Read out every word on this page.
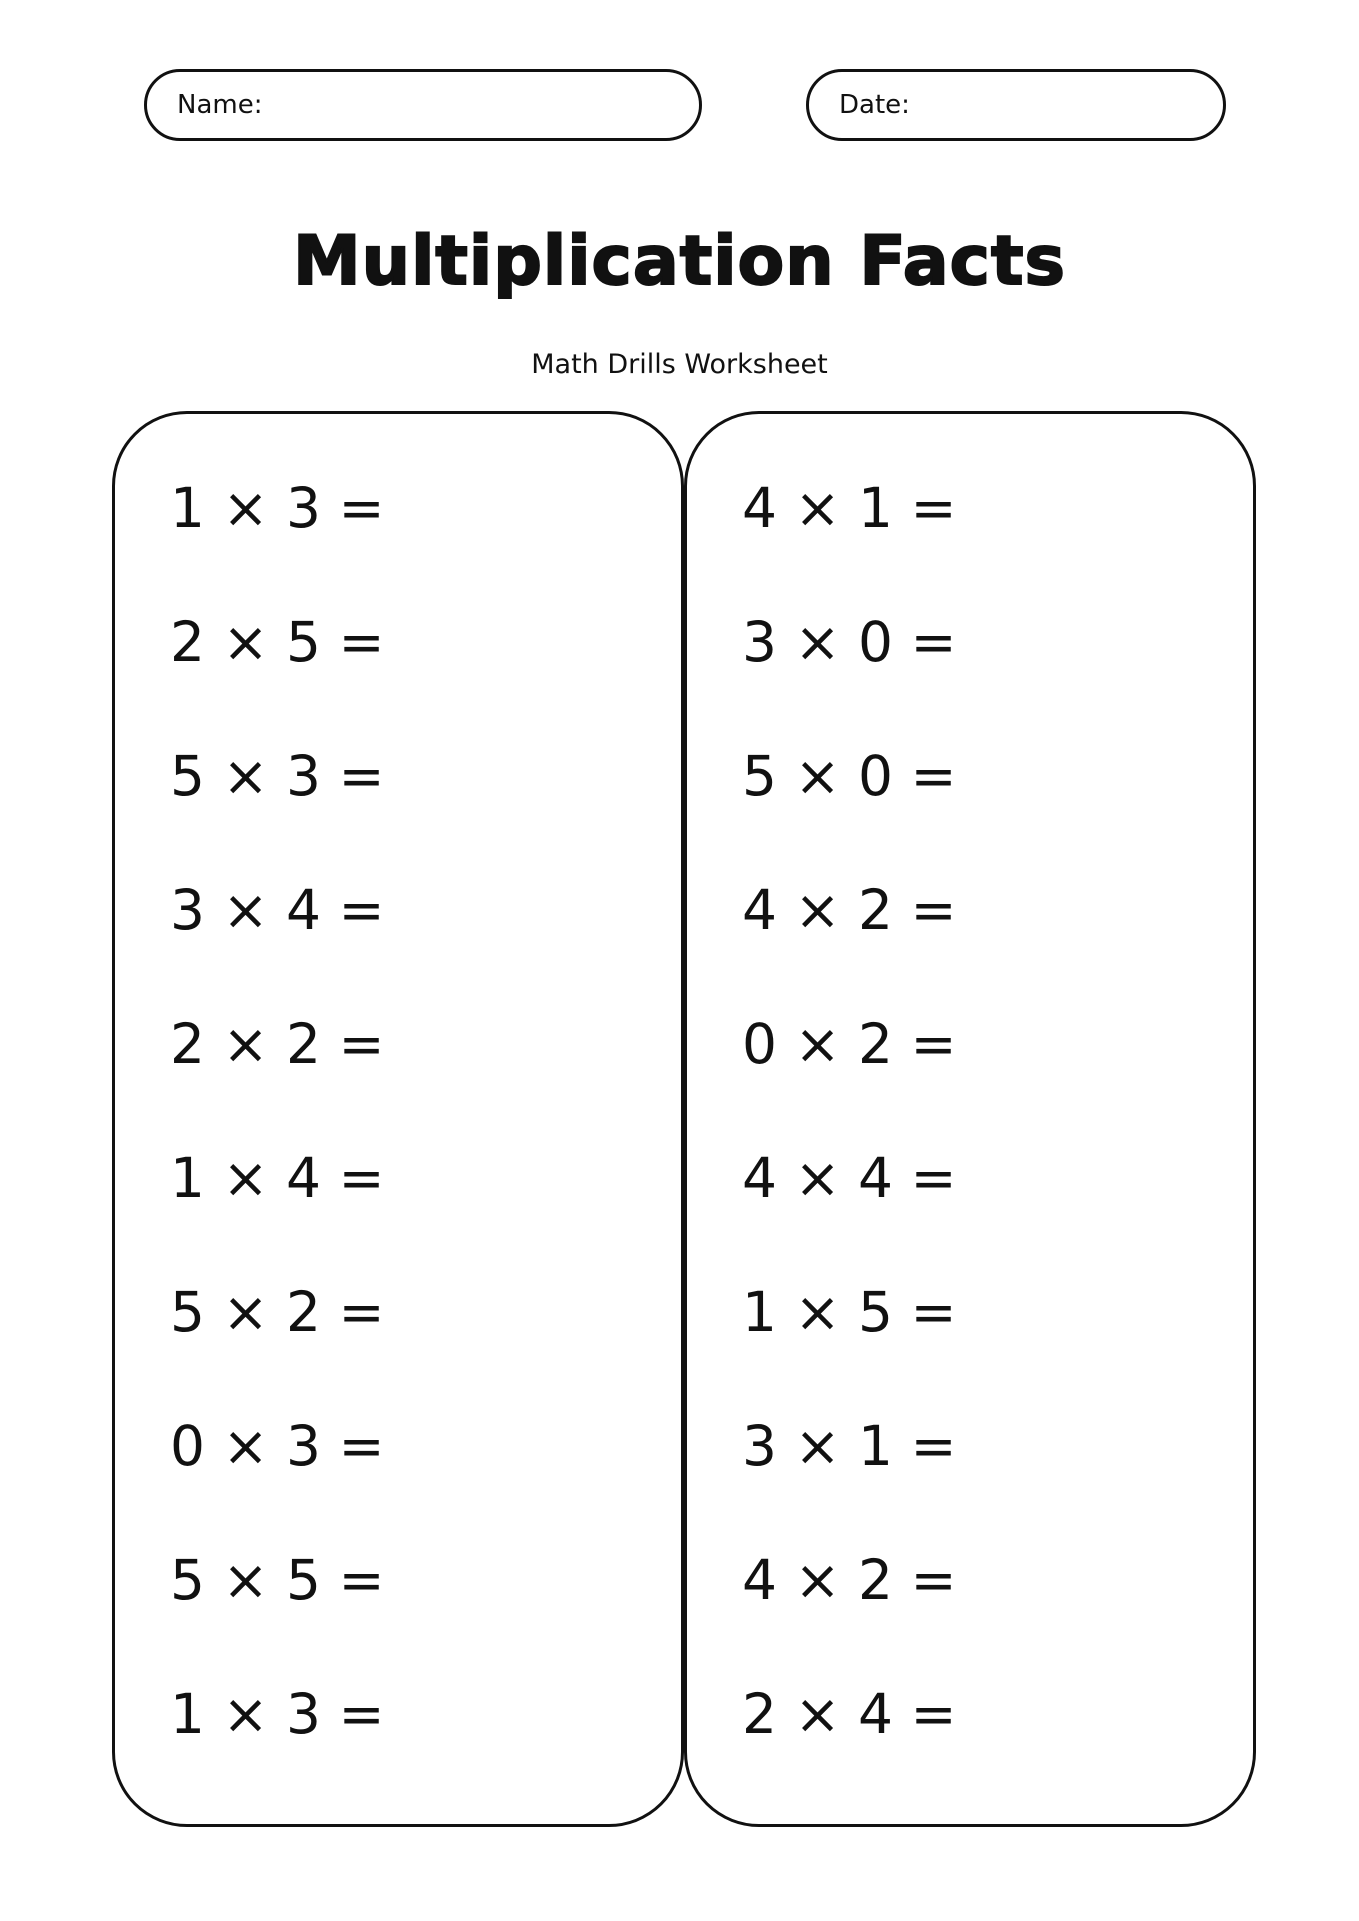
Name:	Date:
Multiplication Facts
Math Drills Worksheet
1 × 3 =
2 × 5 =
5 × 3 =
3 × 4 =
2 × 2 =
1 × 4 =
5 × 2 =
0 × 3 =
5 × 5 =
1 × 3 =
4 × 1 =
3 × 0 =
5 × 0 =
4 × 2 =
0 × 2 =
4 × 4 =
1 × 5 =
3 × 1 =
4 × 2 =
2 × 4 =
